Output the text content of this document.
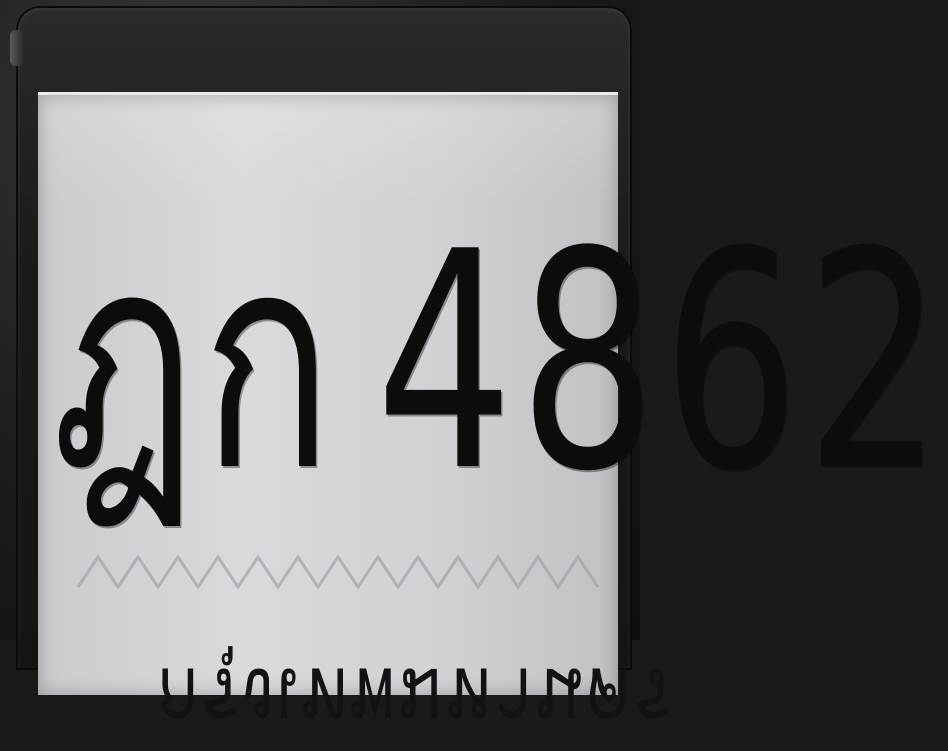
ฎก 4862
กรุงเทพมหานคร
